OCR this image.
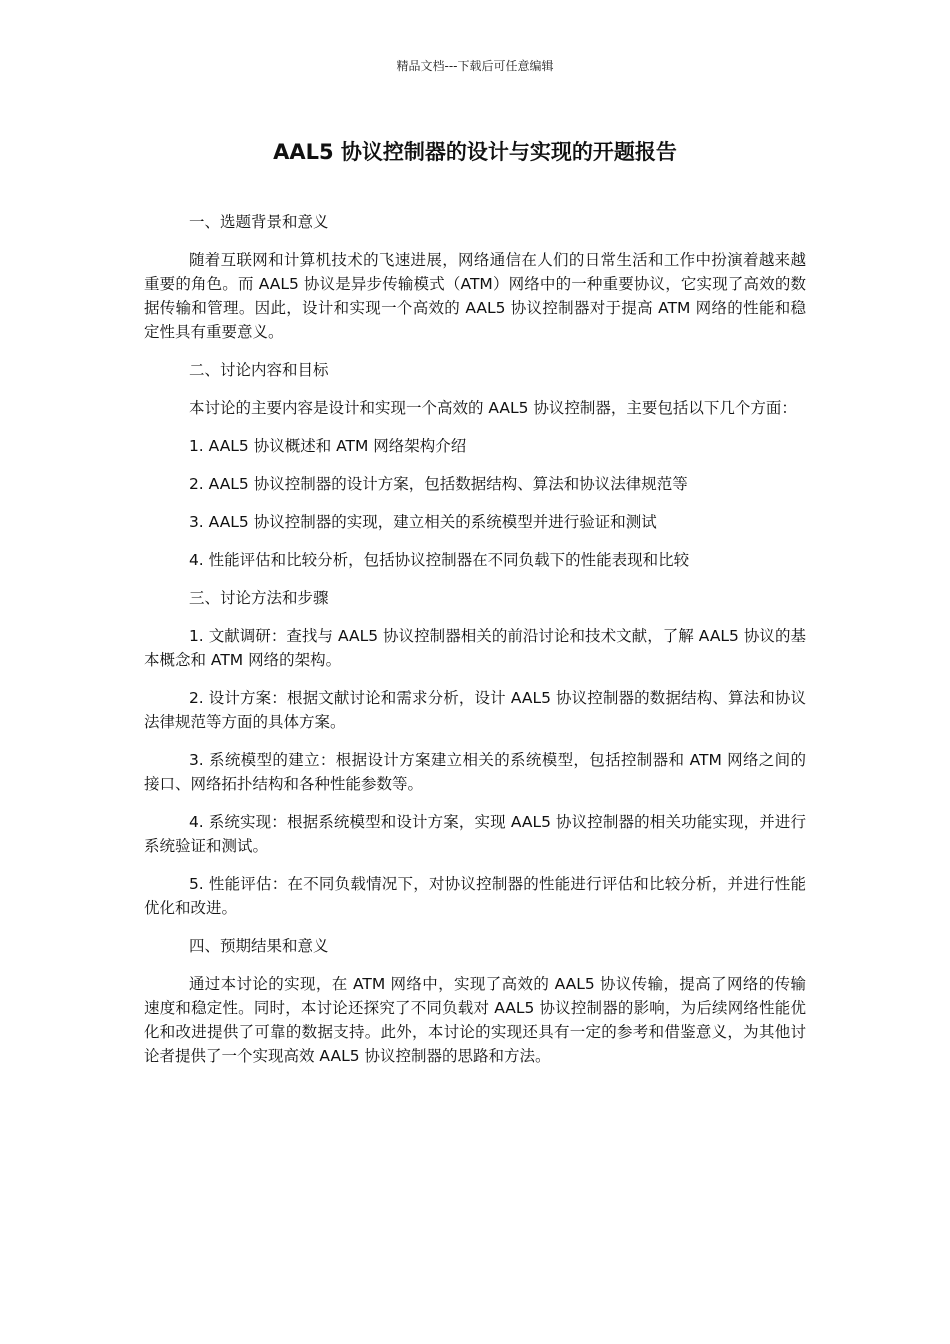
精品文档---下载后可任意编辑
AAL5 协议控制器的设计与实现的开题报告

一、选题背景和意义

随着互联网和计算机技术的飞速进展，网络通信在人们的日常生活和工作中扮演着越来越重要的角色。而 AAL5 协议是异步传输模式（ATM）网络中的一种重要协议，它实现了高效的数据传输和管理。因此，设计和实现一个高效的 AAL5 协议控制器对于提高 ATM 网络的性能和稳定性具有重要意义。

二、讨论内容和目标

本讨论的主要内容是设计和实现一个高效的 AAL5 协议控制器，主要包括以下几个方面：

1. AAL5 协议概述和 ATM 网络架构介绍

2. AAL5 协议控制器的设计方案，包括数据结构、算法和协议法律规范等

3. AAL5 协议控制器的实现，建立相关的系统模型并进行验证和测试

4. 性能评估和比较分析，包括协议控制器在不同负载下的性能表现和比较

三、讨论方法和步骤

1. 文献调研：查找与 AAL5 协议控制器相关的前沿讨论和技术文献，了解 AAL5 协议的基本概念和 ATM 网络的架构。

2. 设计方案：根据文献讨论和需求分析，设计 AAL5 协议控制器的数据结构、算法和协议法律规范等方面的具体方案。

3. 系统模型的建立：根据设计方案建立相关的系统模型，包括控制器和 ATM 网络之间的接口、网络拓扑结构和各种性能参数等。

4. 系统实现：根据系统模型和设计方案，实现 AAL5 协议控制器的相关功能实现，并进行系统验证和测试。

5. 性能评估：在不同负载情况下，对协议控制器的性能进行评估和比较分析，并进行性能优化和改进。

四、预期结果和意义

通过本讨论的实现，在 ATM 网络中，实现了高效的 AAL5 协议传输，提高了网络的传输速度和稳定性。同时，本讨论还探究了不同负载对 AAL5 协议控制器的影响，为后续网络性能优化和改进提供了可靠的数据支持。此外，本讨论的实现还具有一定的参考和借鉴意义，为其他讨论者提供了一个实现高效 AAL5 协议控制器的思路和方法。
